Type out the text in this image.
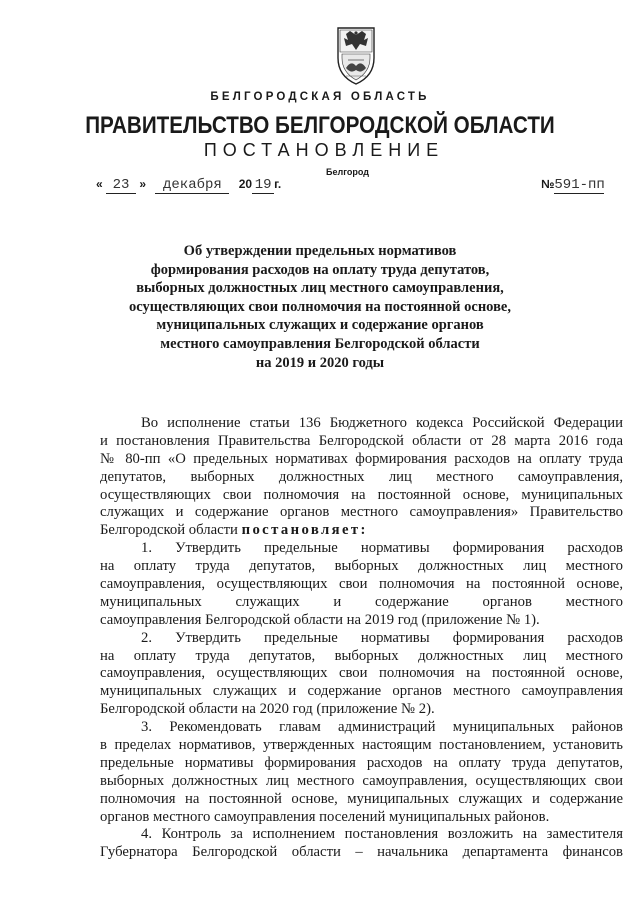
БЕЛГОРОДСКАЯ ОБЛАСТЬ
ПРАВИТЕЛЬСТВО БЕЛГОРОДСКОЙ ОБЛАСТИ
ПОСТАНОВЛЕНИЕ
Белгород
« 23 » декабря 20 19 г.	№591-пп
Об утверждении предельных нормативов
формирования расходов на оплату труда депутатов,
выборных должностных лиц местного самоуправления,
осуществляющих свои полномочия на постоянной основе,
муниципальных служащих и содержание органов
местного самоуправления Белгородской области
на 2019 и 2020 годы
Во исполнение статьи 136 Бюджетного кодекса Российской Федерации
и постановления Правительства Белгородской области от 28 марта 2016 года
№ 80-пп «О предельных нормативах формирования расходов на оплату труда
депутатов, выборных должностных лиц местного самоуправления,
осуществляющих свои полномочия на постоянной основе, муниципальных
служащих и содержание органов местного самоуправления» Правительство
Белгородской области постановляет:
1. Утвердить предельные нормативы формирования расходов
на оплату труда депутатов, выборных должностных лиц местного
самоуправления, осуществляющих свои полномочия на постоянной основе,
муниципальных служащих и содержание органов местного
самоуправления Белгородской области на 2019 год (приложение № 1).
2. Утвердить предельные нормативы формирования расходов
на оплату труда депутатов, выборных должностных лиц местного
самоуправления, осуществляющих свои полномочия на постоянной основе,
муниципальных служащих и содержание органов местного самоуправления
Белгородской области на 2020 год (приложение № 2).
3. Рекомендовать главам администраций муниципальных районов
в пределах нормативов, утвержденных настоящим постановлением, установить
предельные нормативы формирования расходов на оплату труда депутатов,
выборных должностных лиц местного самоуправления, осуществляющих свои
полномочия на постоянной основе, муниципальных служащих и содержание
органов местного самоуправления поселений муниципальных районов.
4. Контроль за исполнением постановления возложить на заместителя
Губернатора Белгородской области – начальника департамента финансов
